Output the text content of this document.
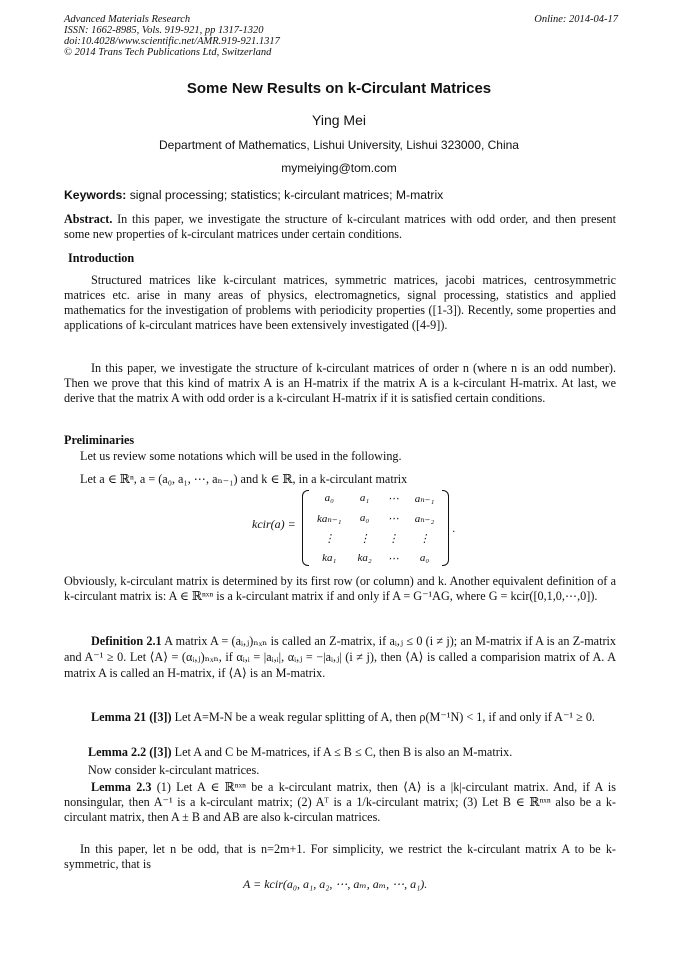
Advanced Materials Research
ISSN: 1662-8985, Vols. 919-921, pp 1317-1320
doi:10.4028/www.scientific.net/AMR.919-921.1317
© 2014 Trans Tech Publications Ltd, Switzerland
Online: 2014-04-17
Some New Results on k-Circulant Matrices
Ying Mei
Department of Mathematics, Lishui University, Lishui 323000, China
mymeiying@tom.com
Keywords: signal processing; statistics; k-circulant matrices; M-matrix
Abstract. In this paper, we investigate the structure of k-circulant matrices with odd order, and then present some new properties of k-circulant matrices under certain conditions.
Introduction
Structured matrices like k-circulant matrices, symmetric matrices, jacobi matrices, centrosymmetric matrices etc. arise in many areas of physics, electromagnetics, signal processing, statistics and applied mathematics for the investigation of problems with periodicity properties ([1-3]). Recently, some properties and applications of k-circulant matrices have been extensively investigated ([4-9]).
In this paper, we investigate the structure of k-circulant matrices of order n (where n is an odd number). Then we prove that this kind of matrix A is an H-matrix if the matrix A is a k-circulant H-matrix. At last, we derive that the matrix A with odd order is a k-circulant H-matrix if it is satisfied certain conditions.
Preliminaries
Let us review some notations which will be used in the following.
Let a ∈ ℝⁿ, a = (a₀, a₁, ⋯, aₙ₋₁) and k ∈ ℝ, in a k-circulant matrix
kcir(a) =
a₀	a₁	⋯	aₙ₋₁
kaₙ₋₁	a₀	⋯	aₙ₋₂
⋮	⋮	⋮	⋮
ka₁	ka₂	⋯	a₀
.
Obviously, k-circulant matrix is determined by its first row (or column) and k. Another equivalent definition of a k-circulant matrix is: A ∈ ℝⁿˣⁿ is a k-circulant matrix if and only if A = G⁻¹AG, where G = kcir([0,1,0,⋯,0]).
Definition 2.1 A matrix A = (aᵢ,ⱼ)ₙₓₙ is called an Z-matrix, if aᵢ,ⱼ ≤ 0 (i ≠ j); an M-matrix if A is an Z-matrix and A⁻¹ ≥ 0. Let ⟨A⟩ = (αᵢ,ⱼ)ₙₓₙ, if αᵢ,ᵢ = |aᵢ,ᵢ|, αᵢ,ⱼ = −|aᵢ,ⱼ| (i ≠ j), then ⟨A⟩ is called a comparision matrix of A. A matrix A is called an H-matrix, if ⟨A⟩ is an M-matrix.
Lemma 21 ([3]) Let A=M-N be a weak regular splitting of A, then ρ(M⁻¹N) < 1, if and only if A⁻¹ ≥ 0.
Lemma 2.2 ([3]) Let A and C be M-matrices, if A ≤ B ≤ C, then B is also an M-matrix.
Now consider k-circulant matrices.
Lemma 2.3 (1) Let A ∈ ℝⁿˣⁿ be a k-circulant matrix, then ⟨A⟩ is a |k|-circulant matrix. And, if A is nonsingular, then A⁻¹ is a k-circulant matrix; (2) Aᵀ is a 1/k-circulant matrix; (3) Let B ∈ ℝⁿˣⁿ also be a k-circulant matrix, then A ± B and AB are also k-circulan matrices.
In this paper, let n be odd, that is n=2m+1. For simplicity, we restrict the k-circulant matrix A to be k-symmetric, that is
A = kcir(a₀, a₁, a₂, ⋯, aₘ, aₘ, ⋯, a₁).
